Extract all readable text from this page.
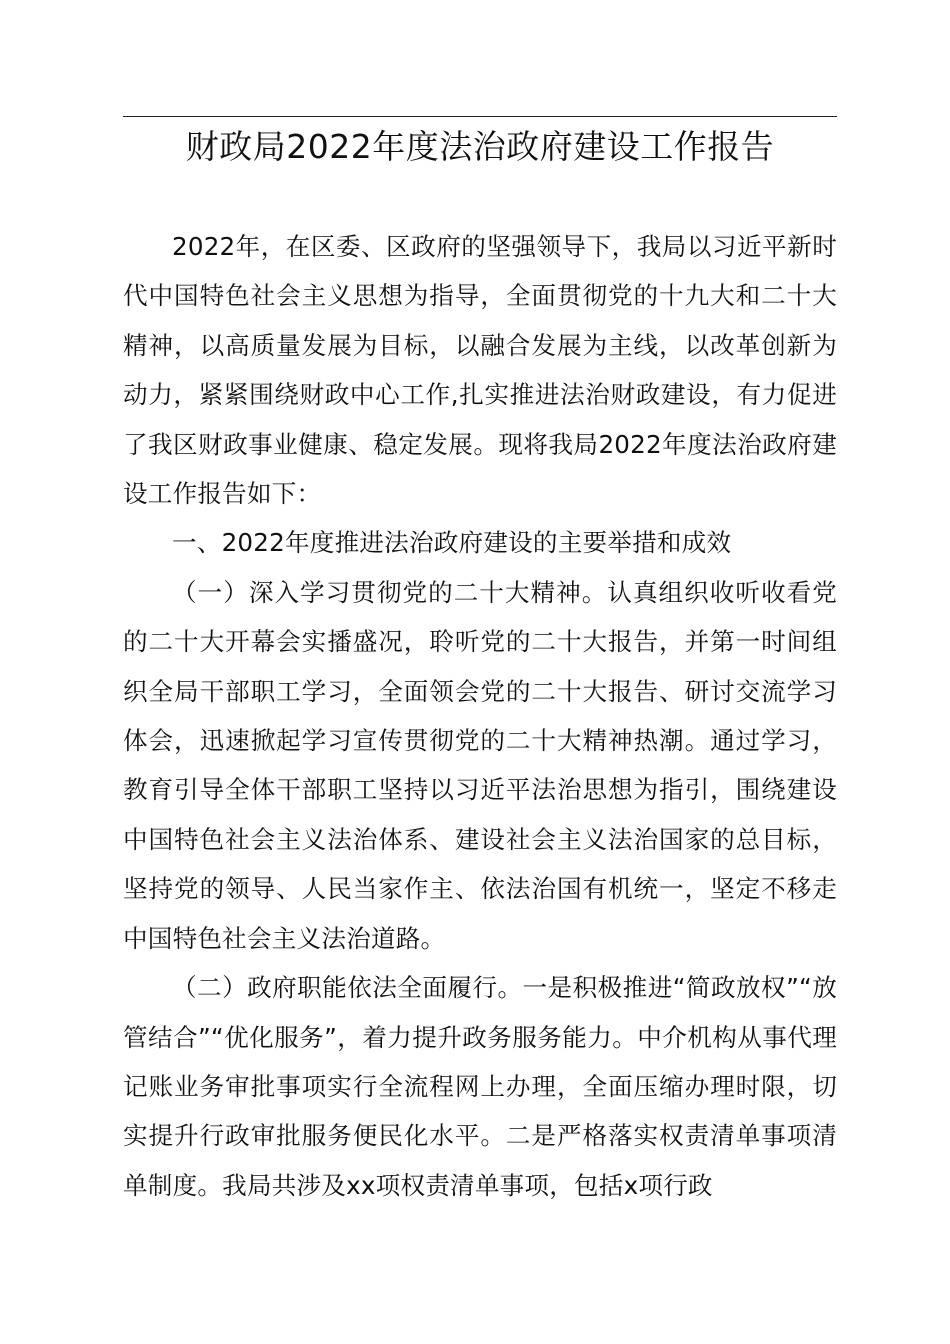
财政局2022年度法治政府建设工作报告

2022年，在区委、区政府的坚强领导下，我局以习近平新时代中国特色社会主义思想为指导，全面贯彻党的十九大和二十大精神，以高质量发展为目标，以融合发展为主线，以改革创新为动力，紧紧围绕财政中心工作,扎实推进法治财政建设，有力促进了我区财政事业健康、稳定发展。现将我局2022年度法治政府建设工作报告如下：

一、2022年度推进法治政府建设的主要举措和成效

（一）深入学习贯彻党的二十大精神。认真组织收听收看党的二十大开幕会实播盛况，聆听党的二十大报告，并第一时间组织全局干部职工学习，全面领会党的二十大报告、研讨交流学习体会，迅速掀起学习宣传贯彻党的二十大精神热潮。通过学习，教育引导全体干部职工坚持以习近平法治思想为指引，围绕建设中国特色社会主义法治体系、建设社会主义法治国家的总目标，坚持党的领导、人民当家作主、依法治国有机统一，坚定不移走中国特色社会主义法治道路。

（二）政府职能依法全面履行。一是积极推进“简政放权”“放管结合”“优化服务”，着力提升政务服务能力。中介机构从事代理记账业务审批事项实行全流程网上办理，全面压缩办理时限，切实提升行政审批服务便民化水平。二是严格落实权责清单事项清单制度。我局共涉及xx项权责清单事项，包括x项行政
